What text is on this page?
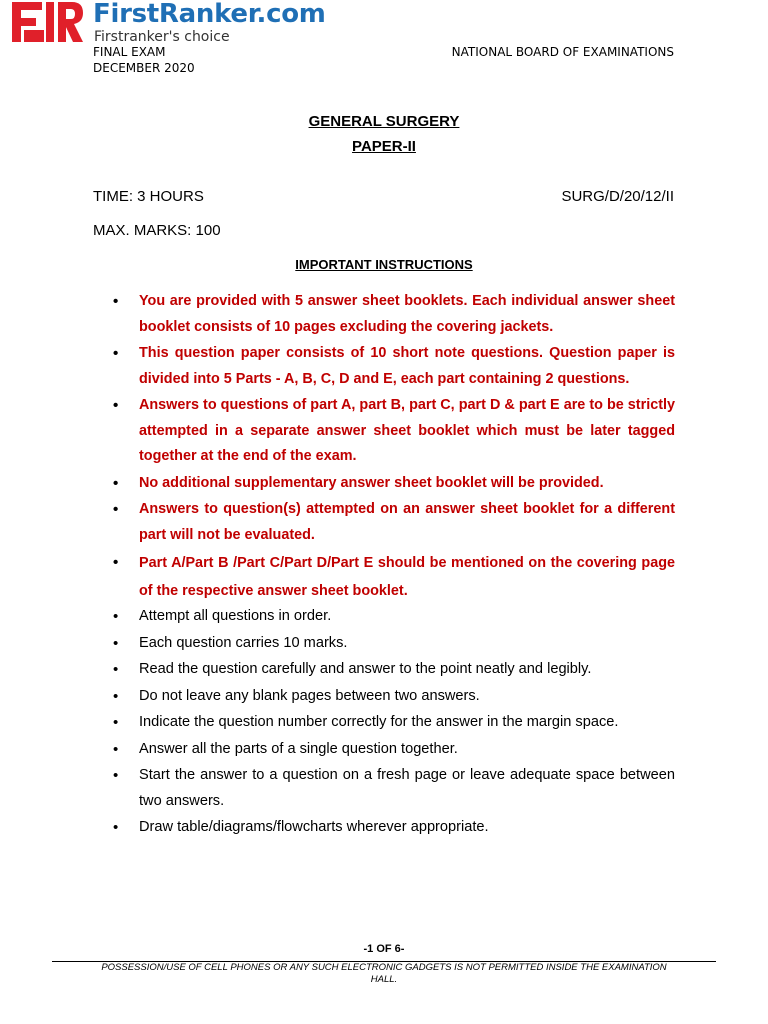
FirstRanker.com
Firstranker's choice
FINAL EXAM
DECEMBER 2020
NATIONAL BOARD OF EXAMINATIONS
GENERAL SURGERY
PAPER-II
TIME: 3 HOURS	SURG/D/20/12/II
MAX. MARKS: 100
IMPORTANT INSTRUCTIONS
• You are provided with 5 answer sheet booklets. Each individual answer sheet booklet consists of 10 pages excluding the covering jackets.
• This question paper consists of 10 short note questions. Question paper is divided into 5 Parts - A, B, C, D and E, each part containing 2 questions.
• Answers to questions of part A, part B, part C, part D & part E are to be strictly attempted in a separate answer sheet booklet which must be later tagged together at the end of the exam.
• No additional supplementary answer sheet booklet will be provided.
• Answers to question(s) attempted on an answer sheet booklet for a different part will not be evaluated.
• Part A/Part B /Part C/Part D/Part E should be mentioned on the covering page of the respective answer sheet booklet.
• Attempt all questions in order.
• Each question carries 10 marks.
• Read the question carefully and answer to the point neatly and legibly.
• Do not leave any blank pages between two answers.
• Indicate the question number correctly for the answer in the margin space.
• Answer all the parts of a single question together.
• Start the answer to a question on a fresh page or leave adequate space between two answers.
• Draw table/diagrams/flowcharts wherever appropriate.
-1 OF 6-
POSSESSION/USE OF CELL PHONES OR ANY SUCH ELECTRONIC GADGETS IS NOT PERMITTED INSIDE THE EXAMINATION HALL.
